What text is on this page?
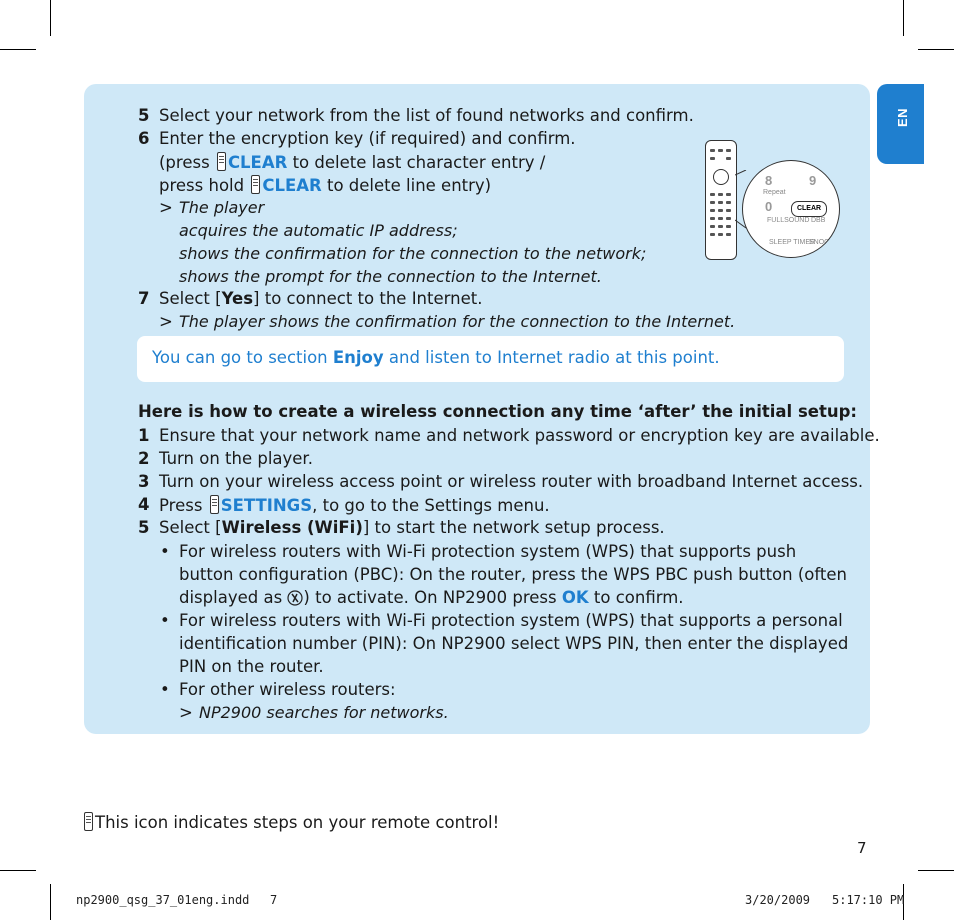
EN
5 Select your network from the list of found networks and confirm.
6 Enter the encryption key (if required) and confirm.
(press CLEAR to delete last character entry /
press hold CLEAR to delete line entry)
> The player
acquires the automatic IP address;
shows the confirmation for the connection to the network;
shows the prompt for the connection to the Internet.
7 Select [Yes] to connect to the Internet.
> The player shows the confirmation for the connection to the Internet.
8	9
Repeat
0	CLEAR
FULLSOUND DBB
SLEEP TIMER
SNOOZE
You can go to section Enjoy and listen to Internet radio at this point.
Here is how to create a wireless connection any time ‘after’ the initial setup:
1 Ensure that your network name and network password or encryption key are available.
2 Turn on the player.
3 Turn on your wireless access point or wireless router with broadband Internet access.
4 Press SETTINGS, to go to the Settings menu.
5 Select [Wireless (WiFi)] to start the network setup process.
• For wireless routers with Wi-Fi protection system (WPS) that supports push
button configuration (PBC): On the router, press the WPS PBC push button (often
displayed as ) to activate. On NP2900 press OK to confirm.
• For wireless routers with Wi-Fi protection system (WPS) that supports a personal
identification number (PIN): On NP2900 select WPS PIN, then enter the displayed
PIN on the router.
• For other wireless routers:
> NP2900 searches for networks.
This icon indicates steps on your remote control!
7
np2900_qsg_37_01eng.indd 7	3/20/2009 5:17:10 PM
